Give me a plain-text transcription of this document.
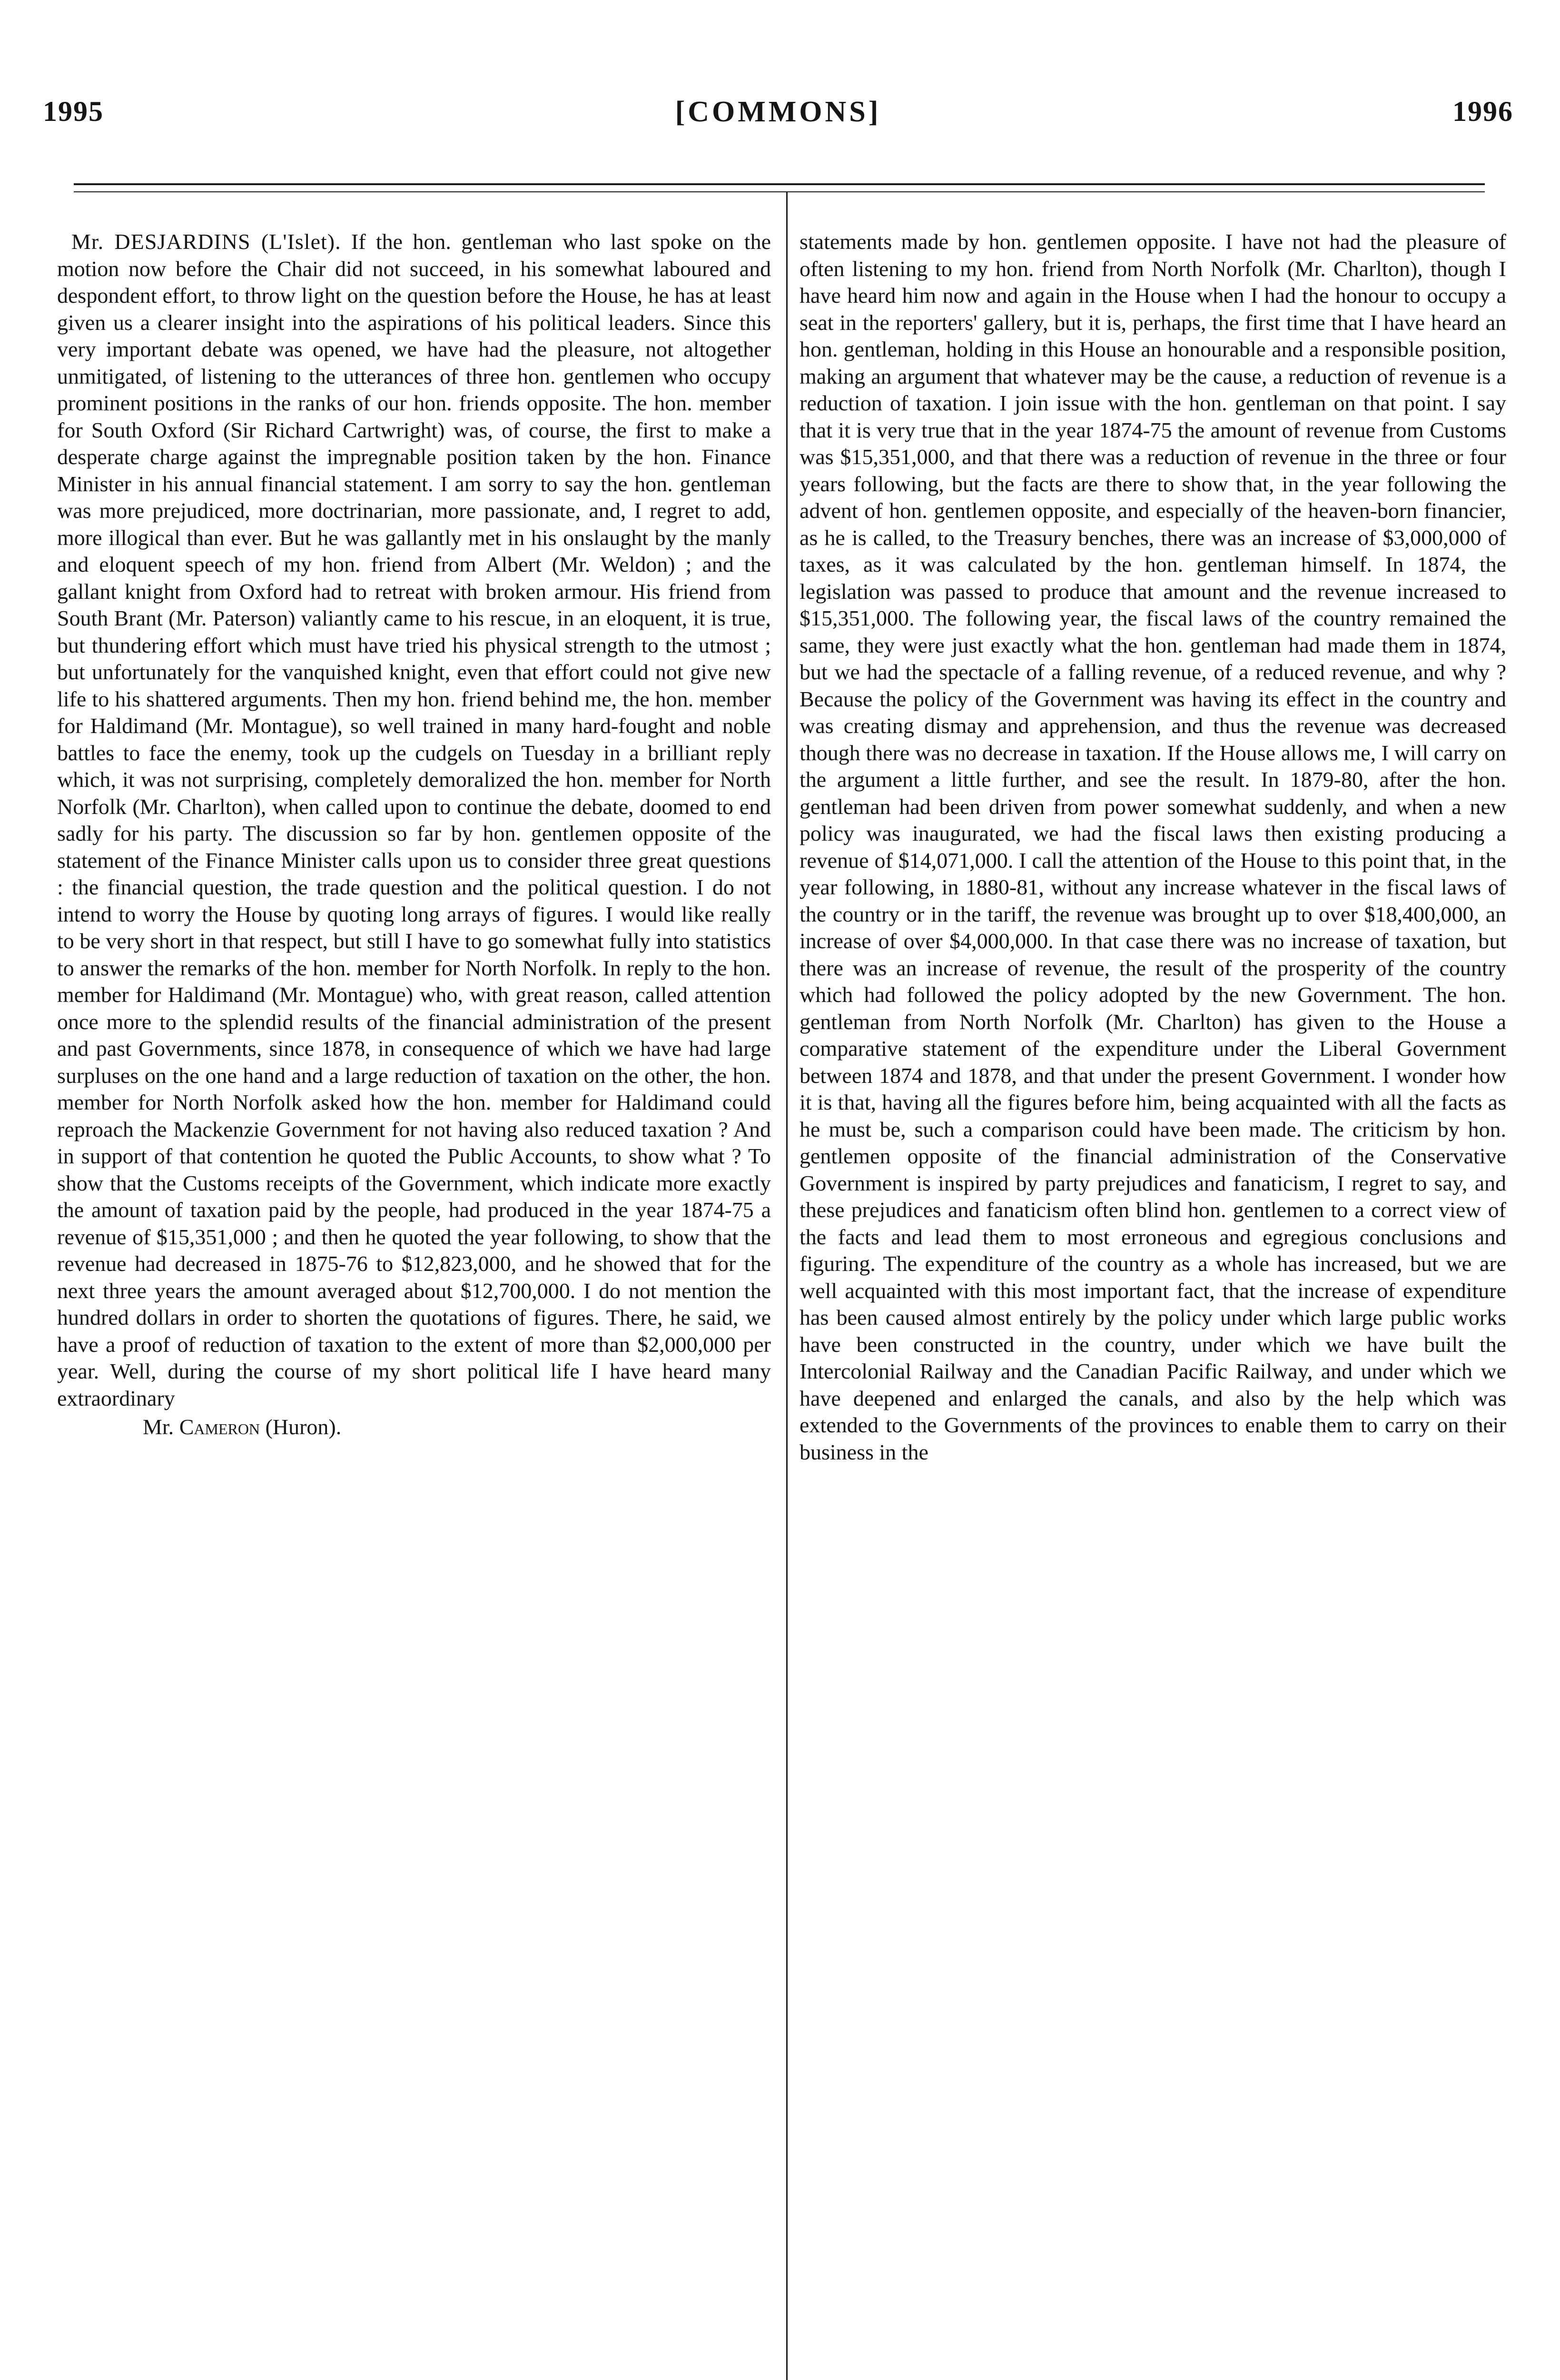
1995	[COMMONS]	1996

Mr. DESJARDINS (L'Islet). If the hon. gentleman who last spoke on the motion now before the Chair did not succeed, in his somewhat laboured and despondent effort, to throw light on the question before the House, he has at least given us a clearer insight into the aspirations of his political leaders. Since this very important debate was opened, we have had the pleasure, not altogether unmitigated, of listening to the utterances of three hon. gentlemen who occupy prominent positions in the ranks of our hon. friends opposite. The hon. member for South Oxford (Sir Richard Cartwright) was, of course, the first to make a desperate charge against the impregnable position taken by the hon. Finance Minister in his annual financial statement. I am sorry to say the hon. gentleman was more prejudiced, more doctrinarian, more passionate, and, I regret to add, more illogical than ever. But he was gallantly met in his onslaught by the manly and eloquent speech of my hon. friend from Albert (Mr. Weldon) ; and the gallant knight from Oxford had to retreat with broken armour. His friend from South Brant (Mr. Paterson) valiantly came to his rescue, in an eloquent, it is true, but thundering effort which must have tried his physical strength to the utmost ; but unfortunately for the vanquished knight, even that effort could not give new life to his shattered arguments. Then my hon. friend behind me, the hon. member for Haldimand (Mr. Montague), so well trained in many hard-fought and noble battles to face the enemy, took up the cudgels on Tuesday in a brilliant reply which, it was not surprising, completely demoralized the hon. member for North Norfolk (Mr. Charlton), when called upon to continue the debate, doomed to end sadly for his party. The discussion so far by hon. gentlemen opposite of the statement of the Finance Minister calls upon us to consider three great questions : the financial question, the trade question and the political question. I do not intend to worry the House by quoting long arrays of figures. I would like really to be very short in that respect, but still I have to go somewhat fully into statistics to answer the remarks of the hon. member for North Norfolk. In reply to the hon. member for Haldimand (Mr. Montague) who, with great reason, called attention once more to the splendid results of the financial administration of the present and past Governments, since 1878, in consequence of which we have had large surpluses on the one hand and a large reduction of taxation on the other, the hon. member for North Norfolk asked how the hon. member for Haldimand could reproach the Mackenzie Government for not having also reduced taxation ? And in support of that contention he quoted the Public Accounts, to show what ? To show that the Customs receipts of the Government, which indicate more exactly the amount of taxation paid by the people, had produced in the year 1874-75 a revenue of $15,351,000 ; and then he quoted the year following, to show that the revenue had decreased in 1875-76 to $12,823,000, and he showed that for the next three years the amount averaged about $12,700,000. I do not mention the hundred dollars in order to shorten the quotations of figures. There, he said, we have a proof of reduction of taxation to the extent of more than $2,000,000 per year. Well, during the course of my short political life I have heard many extraordinary

Mr. Cameron (Huron).

statements made by hon. gentlemen opposite. I have not had the pleasure of often listening to my hon. friend from North Norfolk (Mr. Charlton), though I have heard him now and again in the House when I had the honour to occupy a seat in the reporters' gallery, but it is, perhaps, the first time that I have heard an hon. gentleman, holding in this House an honourable and a responsible position, making an argument that whatever may be the cause, a reduction of revenue is a reduction of taxation. I join issue with the hon. gentleman on that point. I say that it is very true that in the year 1874-75 the amount of revenue from Customs was $15,351,000, and that there was a reduction of revenue in the three or four years following, but the facts are there to show that, in the year following the advent of hon. gentlemen opposite, and especially of the heaven-born financier, as he is called, to the Treasury benches, there was an increase of $3,000,000 of taxes, as it was calculated by the hon. gentleman himself. In 1874, the legislation was passed to produce that amount and the revenue increased to $15,351,000. The following year, the fiscal laws of the country remained the same, they were just exactly what the hon. gentleman had made them in 1874, but we had the spectacle of a falling revenue, of a reduced revenue, and why ? Because the policy of the Government was having its effect in the country and was creating dismay and apprehension, and thus the revenue was decreased though there was no decrease in taxation. If the House allows me, I will carry on the argument a little further, and see the result. In 1879-80, after the hon. gentleman had been driven from power somewhat suddenly, and when a new policy was inaugurated, we had the fiscal laws then existing producing a revenue of $14,071,000. I call the attention of the House to this point that, in the year following, in 1880-81, without any increase whatever in the fiscal laws of the country or in the tariff, the revenue was brought up to over $18,400,000, an increase of over $4,000,000. In that case there was no increase of taxation, but there was an increase of revenue, the result of the prosperity of the country which had followed the policy adopted by the new Government. The hon. gentleman from North Norfolk (Mr. Charlton) has given to the House a comparative statement of the expenditure under the Liberal Government between 1874 and 1878, and that under the present Government. I wonder how it is that, having all the figures before him, being acquainted with all the facts as he must be, such a comparison could have been made. The criticism by hon. gentlemen opposite of the financial administration of the Conservative Government is inspired by party prejudices and fanaticism, I regret to say, and these prejudices and fanaticism often blind hon. gentlemen to a correct view of the facts and lead them to most erroneous and egregious conclusions and figuring. The expenditure of the country as a whole has increased, but we are well acquainted with this most important fact, that the increase of expenditure has been caused almost entirely by the policy under which large public works have been constructed in the country, under which we have built the Intercolonial Railway and the Canadian Pacific Railway, and under which we have deepened and enlarged the canals, and also by the help which was extended to the Governments of the provinces to enable them to carry on their business in the
